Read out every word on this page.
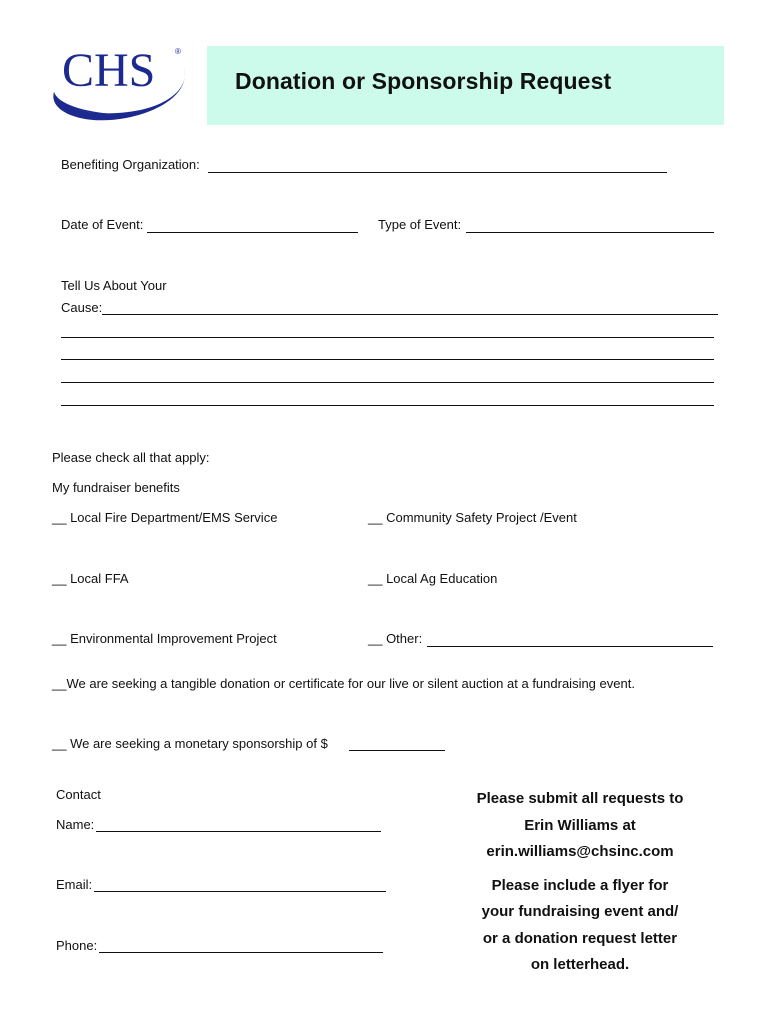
CHS ®
Donation or Sponsorship Request
Benefiting Organization:
Date of Event:	Type of Event:
Tell Us About Your
Cause:
Please check all that apply:
My fundraiser benefits
__ Local Fire Department/EMS Service	__ Community Safety Project /Event
__ Local FFA	__ Local Ag Education
__ Environmental Improvement Project	__ Other:
__We are seeking a tangible donation or certificate for our live or silent auction at a fundraising event.
__ We are seeking a monetary sponsorship of $
Contact
Name:
Email:
Phone:
Please submit all requests to
Erin Williams at
erin.williams@chsinc.com
Please include a flyer for
your fundraising event and/
or a donation request letter
on letterhead.
